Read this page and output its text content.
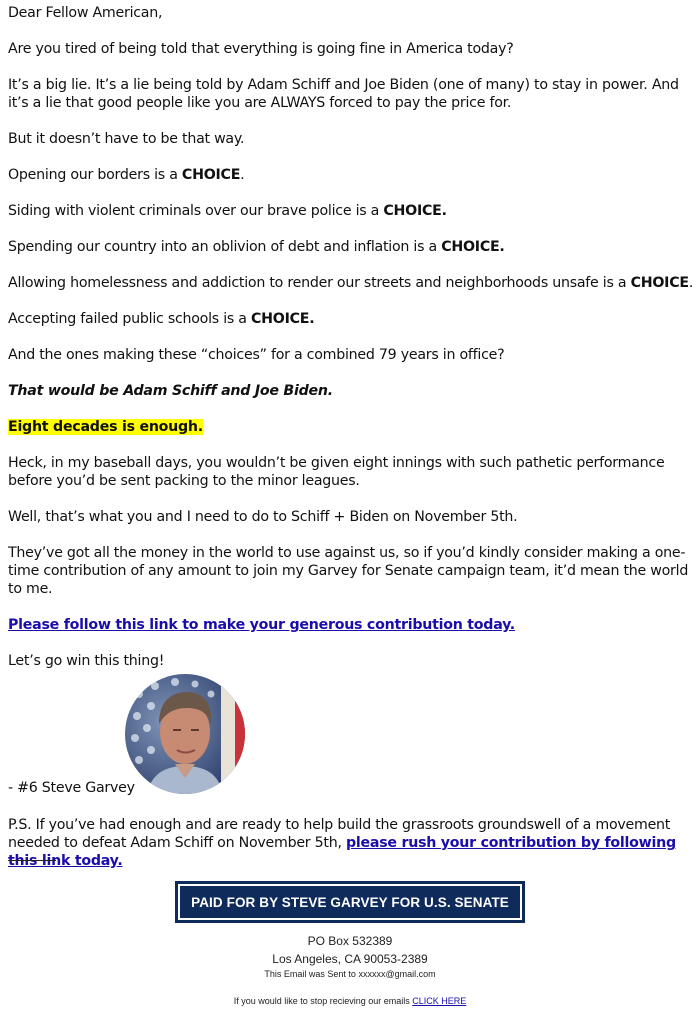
Dear Fellow American,

Are you tired of being told that everything is going fine in America today?

It’s a big lie. It’s a lie being told by Adam Schiff and Joe Biden (one of many) to stay in power. And it’s a lie that good people like you are ALWAYS forced to pay the price for.

But it doesn’t have to be that way.

Opening our borders is a CHOICE.

Siding with violent criminals over our brave police is a CHOICE.

Spending our country into an oblivion of debt and inflation is a CHOICE.

Allowing homelessness and addiction to render our streets and neighborhoods unsafe is a CHOICE.

Accepting failed public schools is a CHOICE.

And the ones making these “choices” for a combined 79 years in office?

That would be Adam Schiff and Joe Biden.

Eight decades is enough.

Heck, in my baseball days, you wouldn’t be given eight innings with such pathetic performance before you’d be sent packing to the minor leagues.

Well, that’s what you and I need to do to Schiff + Biden on November 5th.

They’ve got all the money in the world to use against us, so if you’d kindly consider making a one-time contribution of any amount to join my Garvey for Senate campaign team, it’d mean the world to me.

Please follow this link to make your generous contribution today.

Let’s go win this thing!

- #6 Steve Garvey
P.S. If you’ve had enough and are ready to help build the grassroots groundswell of a movement needed to defeat Adam Schiff on November 5th, please rush your contribution by following this link today.
PAID FOR BY STEVE GARVEY FOR U.S. SENATE
PO Box 532389
Los Angeles, CA 90053-2389
This Email was Sent to xxxxxx@gmail.com
If you would like to stop recieving our emails CLICK HERE
